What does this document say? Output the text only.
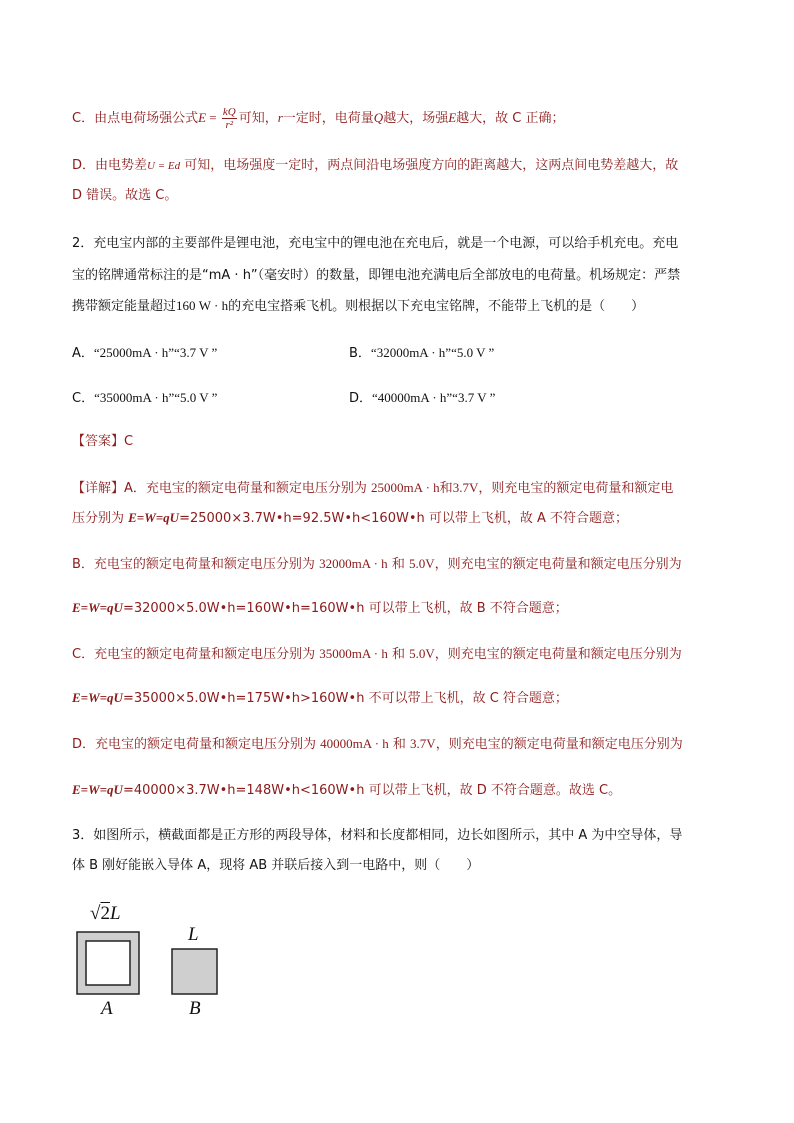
C．由点电荷场强公式$E = \frac{kQ}{\text{r²}}$ 可知，r一定时，电荷量Q越大，场强E越大，故 C 正确；
D．由电势差U = Ed 可知，电场强度一定时，两点间沿电场强度方向的距离越大，这两点间电势差越大，故
D 错误。故选 C。
2．充电宝内部的主要部件是锂电池，充电宝中的锂电池在充电后，就是一个电源，可以给手机充电。充电
宝的铭牌通常标注的是“mA · h”（毫安时）的数量，即锂电池充满电后全部放电的电荷量。机场规定：严禁
携带额定能量超过160 W · h的充电宝搭乘飞机。则根据以下充电宝铭牌，不能带上飞机的是（　　）
A．“25000mA · h”“3.7 V ”	B．“32000mA · h”“5.0 V ”
C．“35000mA · h”“5.0 V ”	D．“40000mA · h”“3.7 V ”
【答案】C
【详解】A．充电宝的额定电荷量和额定电压分别为 25000mA · h和3.7V，则充电宝的额定电荷量和额定电
压分别为 E=W=qU=25000×3.7W•h=92.5W•h<160W•h 可以带上飞机，故 A 不符合题意；
B．充电宝的额定电荷量和额定电压分别为 32000mA · h 和 5.0V，则充电宝的额定电荷量和额定电压分别为
E=W=qU=32000×5.0W•h=160W•h=160W•h 可以带上飞机，故 B 不符合题意；
C．充电宝的额定电荷量和额定电压分别为 35000mA · h 和 5.0V，则充电宝的额定电荷量和额定电压分别为
E=W=qU=35000×5.0W•h=175W•h>160W•h 不可以带上飞机，故 C 符合题意；
D．充电宝的额定电荷量和额定电压分别为 40000mA · h 和 3.7V，则充电宝的额定电荷量和额定电压分别为
E=W=qU=40000×3.7W•h=148W•h<160W•h 可以带上飞机，故 D 不符合题意。故选 C。
3．如图所示，横截面都是正方形的两段导体，材料和长度都相同，边长如图所示，其中 A 为中空导体，导
体 B 刚好能嵌入导体 A，现将 AB 并联后接入到一电路中，则（　　）
√2L
L
A	B
